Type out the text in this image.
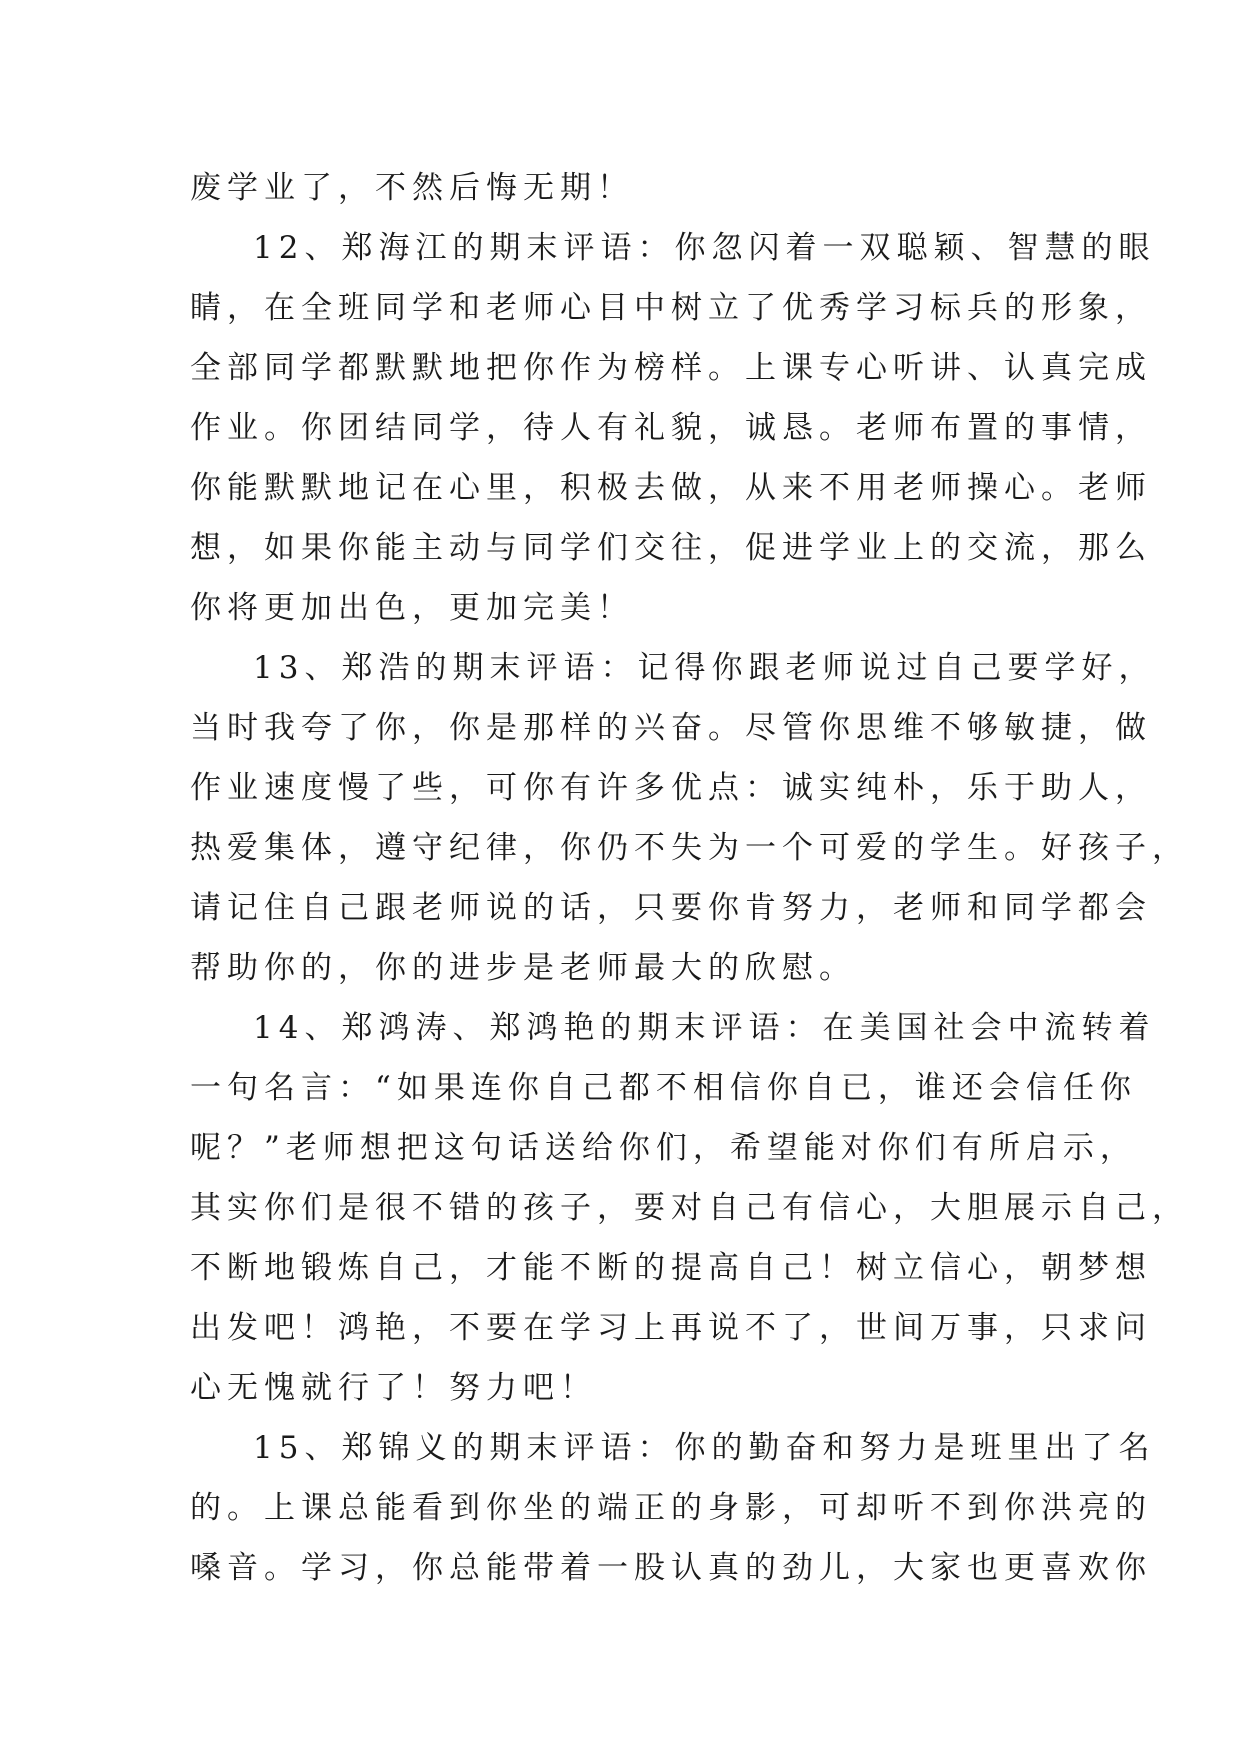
废学业了，不然后悔无期！
12、郑海江的期末评语：你忽闪着一双聪颖、智慧的眼
睛，在全班同学和老师心目中树立了优秀学习标兵的形象，
全部同学都默默地把你作为榜样。上课专心听讲、认真完成
作业。你团结同学，待人有礼貌，诚恳。老师布置的事情，
你能默默地记在心里，积极去做，从来不用老师操心。老师
想，如果你能主动与同学们交往，促进学业上的交流，那么
你将更加出色，更加完美！
13、郑浩的期末评语：记得你跟老师说过自己要学好，
当时我夸了你，你是那样的兴奋。尽管你思维不够敏捷，做
作业速度慢了些，可你有许多优点：诚实纯朴，乐于助人，
热爱集体，遵守纪律，你仍不失为一个可爱的学生。好孩子，
请记住自己跟老师说的话，只要你肯努力，老师和同学都会
帮助你的，你的进步是老师最大的欣慰。
14、郑鸿涛、郑鸿艳的期末评语：在美国社会中流转着
一句名言：“如果连你自己都不相信你自已，谁还会信任你
呢？”老师想把这句话送给你们，希望能对你们有所启示，
其实你们是很不错的孩子，要对自己有信心，大胆展示自己，
不断地锻炼自己，才能不断的提高自己！树立信心，朝梦想
出发吧！鸿艳，不要在学习上再说不了，世间万事，只求问
心无愧就行了！努力吧！
15、郑锦义的期末评语：你的勤奋和努力是班里出了名
的。上课总能看到你坐的端正的身影，可却听不到你洪亮的
嗓音。学习，你总能带着一股认真的劲儿，大家也更喜欢你
